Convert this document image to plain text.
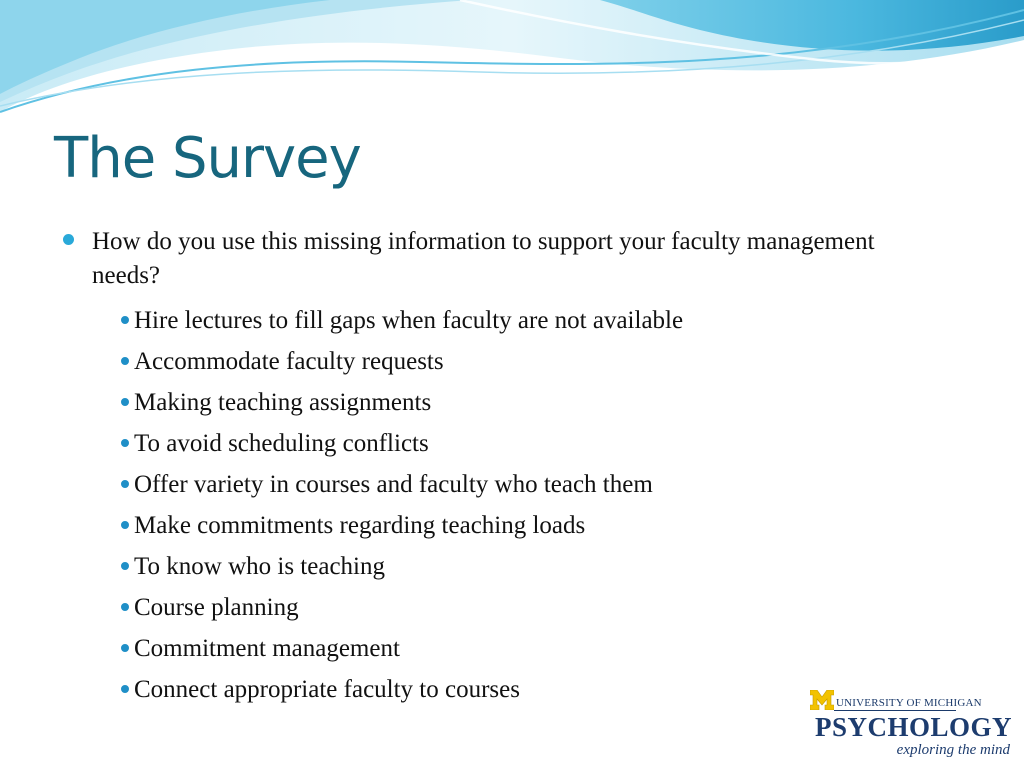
The Survey
How do you use this missing information to support your faculty management needs?
Hire lectures to fill gaps when faculty are not available
Accommodate faculty requests
Making teaching assignments
To avoid scheduling conflicts
Offer variety in courses and faculty who teach them
Make commitments regarding teaching loads
To know who is teaching
Course planning
Commitment management
Connect appropriate faculty to courses	UNIVERSITY OF MICHIGAN
PSYCHOLOGY
exploring the mind
